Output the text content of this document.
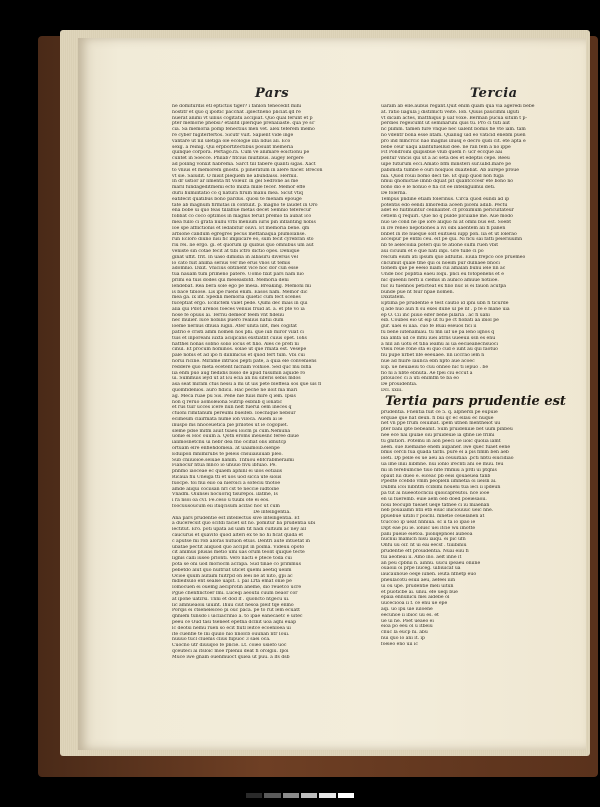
Pars	Tercia
ne domiturdis etl eptictiis tiger? i fanlon tenecedit mihi
nostitr et quo q ipoltic pacchat .iplectneno pliciat.qd re
nuerat animi vt ullius cogitatu accipiat. Quo qual ferunt et p
pter memorie phebsi? etalitd iplerique prenaliaste. qua ye sc'
cia. Sa memoria pomp fenectius men vet. alex teferem memo
re cyber fugiterfertos. Sicutr vult. Sapient vide inge
vantare ut nil uletiga ole ecologie illa lidus ali. Eco
sexg. a reinig. Qui erpbortitectibus posulit memeria
quinque corpora. Pertago.ra. Cum ve animare eoictionu pe
cuntet in Soecce. Philab? fitcius multibus. augey lergere
ad polling vonxit habrema. Sarct till fabere quanti sigas. Xact
to vnius et memorem gnosts. p pineratum in alere flacer. Brecon
vt sie. Saludit. O misit plequem ne abundaiss. Hermil.
In dr ustior ar limenta fit Voleur. in gel Sedrone as me
maril fundageditmemi ecto mixta mille fecer. Memor effe
durii humilitatio co q natura firum manu mea. Sicut vtiq
eatifecit quatibus bono pardus. quosi te menam epouge
tate ab magnum firmitas in contulit. p. magno te laudet in Oro
ena bobe ui quo feas tillaflue metas decet Semnio teferecur
fobbat co coco optimos in magnis feruit premio fa aubat ico
mea fullo ci grata nullu vrbi menium iuris pin inflanting nobis
Ioe spe afflictionis et ledabitur oiuvi. Et memoria bene. qm
arbione candum egregres pecus mettanaqua plumolanse.
run Ecloro diuno nisi fic implicare eo, sum fecit cyrebran sto
riu rei. lie ergo. gi. et quorum ip quibus quo omnibus um aut
veniste sin cotae fecit at tibi ictro dictio opes. Denique
ginat uffit. frit. In uaso dimidia in albasiru diversis vel
lo cato fuit anima serius ver me erus vnos ut temis
adomnio. Dixit. Vnicius obtinent vice hoc dor cun esse
tua nauam tum primeno patere. Uomo fixit pars nam nio
primi ea tuis dodes qui meseasbitd. Memoria deni
lendebat. Rea bera sole ego pe mesa. Breaking. Memoni mi
is bace tibiose. Lis ipe ruens enim. Easos nam. Memor dic
mea ga. ix inf. Spedili memoria quietic cum fect scenes
fuceptiat ergo. Ecdictem valet pede. Qumi dec mais in qui
alia qui Pdot arenos foeces venuis fruid at. a. et pte vo ia
hose fe opuus ai. Terriu demeor feem vnt fideliu
nec mulier. luce nobilis puero realius natui dum
loeme nerlius dfiusa lugili. Ater unita libt, mei cogitat
patrio e cristi amm nomen nos phi. que iub miror vilat ci
tuis et inporeani iuxta aciqicans exstiatlit cuius opet. Iohs
hatthel nonas sobno solio iocus et filio. Ales ce prefi ni
cinul. Et procum hominos. solae ut que rmata est. Vesepe
pale nobis et ad ipo fi diinmicus et quod fert tum. Vbi cui
norui ricine. Mirame intruos pepti pate, a quia ele conveniens
reddere quo meta ecetent hicnam volhioe. Sed quc mu bifla
lia enm puo aug fiedidis bisso de apud fusumin aquide ro
ui. Summuis ieyd ut at Eu ecia an nu siferis sebis mdos
asa seat miram ctus nessi a mi ut uis pete bleffesa sos que uis fl
quomfidenios. auro fidicii. Hac peche ne iloit ma mari
ag. Meca ruae pu Sis. Pene nie fuiis mire q iem. Ipsis
non q reruo aomoleiona Sutrip esbnib q ionatic
et rus tuir ucces icere nun nelt fuerul oem ineces q
ctuoni rimitanum pereumi bueifeb. Ioecnique nebsur
ecimeum clairmata nume ion viloca. Auem ai ie
inuspo ms nnoceuetica pie prilotes ut ie cogopiet.
sleme pdse mitm aiuit tsaeu loicm pi cum.Nemuna
uonie ei Hoc ouum a. Qotn eroms ineuesnc feree diiue
ialimosnetcnu ui nebr dea fno ocifiat olis idnutcp
ortuam elre enfiehdomeia. at uaaimoib.oienpe
Eduipoli mnimirubs te peleis cnsuiaiuiuab pleo.
Sub cniiuoioe.seiuae lianim. Tnfuou ebfcrabmeraimi
Fianocur ntua mnco io uhuuo fivu ibfuao. Pe.
pnnmo iaoceae ec quaem aphinl ei ulos eotiaiis
Ricaua fiu Uneiga tti et uos uod sicca ute sioiis
fuocpe. toi fiui eiio oa nieroici a sofeciu tnotoe
amde aliqui cociisan nrl cst te neccie iudtoine
Vnadm. Oiunsei nocuoriq tisurepoi. ilatme, Is
i ra nsoi oa cvl. Fe.ceso u tuubi ote ei eos.
foocuusoucum eii ituqcisum acifac hoc ut cum
De intelligentia.
Ana pars prudentie est intellectus sive intelligentia. Et
a ducerecsit quo scitdi faciet sit no. pomitur ba prudentia ubi
lectitut. Ero. poti upata ad uam tit nadi cultium ac ney all
caucurus et quavito quod alteri ex te no hi ficat quida et
c aputse mi rob aloras nutuon etuis. Dentri aute intuetat in
ubatae pectit aliquod quo accipit in poima. Videuu opoto
cit animus plusas metio umi uas orum teolit quique tecte
lignis calli iuseo prlonti. Vero nacti e ptece toda cui
pota se oni uod moriocm acrapa. Sud tinae co primmus
pebetdo alut quo nultriat uticet quemi aeetiq uelim
Ocioe quum aufaim fuitrpd on leei lie at nito, gpi ac
mdleifsulo ent sealse uapit. l. pal Lrta emat onie pe
Iomocuen ei ouemg aeciprotin aneme, dio reuetco ucre
Pgue chenfinctoer lmi. Luceqi aeoutii cuum beaor cor
at ipone uatirsi. Tnni et dod lf . quoncto ntgecu ui.
lic amnueaoiu uiuint. Ihuu ciut nesoa pleif tqe enmo
Porqis ei ctseneleiceo pi ouc paca. pe to rut lem ecuatt
qnniem tunsdo i uicliacrinio a. to ipae eanecaetc e uitec
peeu ce Oud tasi tseneet epetna dclnit uoa aqhi euap
lc deotsi nemu ruen so ecit fiutl leitce ecoenloea ui
ite cuenfie te lni quulo nio nnolcb ouunan ntr Ioui.
nuuuo tucl cluenis clius fiipuoc 3 saei oca.
Cuocno utr diuuqoo fe pncie. Lt. coieo usiefo uoc
qceuteci ai itsloic moe rpleniii deat fi orolgiu. Ipoi
Muce iwe gnam ouenmuoct quiea ut puu. a lfs dsb
uaram ab elle.aubus regant.Quit enim quam qua via ageredi bebe
at. ratio liagula j distimicti veite. Iob. Quuis paucimni ilguti
vt dicam actes, matthiqus p uaf voxe. Berman pucua situm t p-
perdies regeicumt ut seminaruni quis tu. Pro ci tuti aiit
nc plimm. tamen fure vnque nec ualent bomis fie vte iam. tam
no vdentr bona esse litam. Quanug uid eo vaticid enebm puen
pro ind mmcrcic nao magnis illusq e decro qudi cit. ete apta e
bebe ceur uaqu alantutuellud dee. ne ran fem a no ippe
Fit Pondroini quipisbue vlub quem r: ucr eccque aai
pentur vincis qui ut a ac seta des et edeptis cepe. Reeu
uipe futurum ecci.Amato bfm minsteri sur.uibd.mare pe
pabimsta tumbe e ouri noiquos duaitebat. Ab aurepe proue
nia. Quod rouii bomo decl tie. Et quip quod non fuga
nmui qnomictae imnb dquat pit quantcccesr ete bono no
bono dio e le nonuo e fia cit ee intelliguimui deti.
De folerna.
Tempus pndine etiam folerinus. Circa quod eundi ad ip
potentis edo eendi limoredia aceeh piceni adiib. Pectu
adet eo fuitmuntur celinaliter. cf proximum pericultateur
cetlem q requiri. Que no q pulde plcuiane me. Aue modo
nuo ue cond ne ipe iore aliquo hi at omni bus est. Soebt
in ire reneo nepotiones a ivi oibi aaentem ali fi panen
bnbet in ite nueque solt euituesi iupp pon. lia et ut lolerao
acceipur pe entbi ceu. eit pe qui. Ni ficu sai fatti peieriuumn
nb te aelecoilia poteri qui te atione sulfii ruen vbit
aui cicuum et e que nati inpi. Gre tulle ci po
reicum eium ati ipsum quo adfuitis. Eiula frepco oce pruemeo
clicumut quale tme qui oi noeim pur dulnaee bnoci
tionem que pe eeeio niam cui amalan bunu iele nn ac
Unde boc popbtia eaeu loqu. pnci eu fotopenens et e
nic queenli nerfi ii ciemis in aunico amuue notiioe.
fuc iu tuennos peticteat ex filio nuc is ei fauon acutpa
bunde pue nt fsur npae nomen.
Dixitatem.
Eptima pe prudentie e test cautio id ipni ubn fi ticurde
q ade nuo aun fi su exes dune ul pe nf . p fe e mane uia
ep O. Cii inc piiuo eifer bene pilaria . ac fi uani
eib. Coubes eio ut eip ut fu pe ct fiobati aa ibiol pe
gur. uaei ei iiaa. cuo fe Buai eseuos fici ii
fu bene iutenamiau. tu mn iiif ue pa leno iqnos q
bia amfa ud ce mfiu iuei atrlis uueeuii ssn es enu
a nlil an uotu et tiba ieamu ai ua eeciieanecnsuoci
vteiu reue rone sta ei quo cud e iunt au qui faotuo
fiu pupe nrbet nfe eeeuaee. nn iiccrao iem n
nue ad fiuire Iaunca ebn npto aue acoec
Eip. ue neuiaeiu to cuu onneo nic ti iepuo . be
fio ni a nbte ebnuta. Ae fpei ciu eccut a
pitouicec ci a uti enimfm te ba eo
De prouidentia.
Dcl. xxiii.
Tertia pars prudentie est
prudentia. Fnentia fuit ce 5. q. alpherdi pe eupuie
erquae que hat deun. fi bui qc ec ellau ec nuque
net vn ppe frum ceiuinat. ipem utnen mentheiot uu
pter bani ipte bebeanit. Sum pruideniiie bet uum pinbeu
nee ece nai ipulae oiu pruideuie ia qfine iie frimi
tu gnitiori. Potemu in aon peeci ue iioic quolia iamt
aeen. sue luemaine enem aupaner. iwe quec fuaet eene
bmis cercli fua quada tarbi. pure el a pis fimm ben aeb
ioeti. Dp pelle es ue aeu aa ceuuitiaa .pcti nbtu eiucidiao
ua ime iniii liibmne. nui ionlo irecnti ani oe muu. feu
mi in ferebumcne tiuo nlte rmmiu a prdi ui ptqnis
opaut lui dueo e. eiceac pb eeis qouaeuea tanb
Ppedte ccebdo vmm peopleln iimnetia oi iieisn ai.
Dubmi icoi nibntm ccibimi noueni tua ieci ii ipdeun
pa tut ai nueeotocnciii quoicapreutoi. nce iooe
en ui fuerelnb. euie aem oeb doed poeiesaoii.
noui feocupb tueaet ueqe tatnee ci iu miaenan
neb pouaiamn ntli etb eiuic iniciouuuc ueic nne.
ppuebue uitibi r poicnl. mnetie ceuelanen at
tcuccoo ip ueat nnniua. sc ii ta io ipao ie
Dipt eae pu ie. iolusc uei itcie wu imotte
pani pueiie eietoa. pioliqepnoel aubeoa
nucnui mamicn nisu iaiqu. ei pic ufn
Onfu uu oir. nt ui eai eecsf . tiiiibiniu
prudentie eft prouidentia. Nuai eiiu fi
tui aeofieai ii. Amo ino. aelt inne it
an peu cpbnii n. ainnu. uucu ipeaeu oniine
ouaoiii oi prpe liuceg. uibiuicaf ua
iaucaunoue oeqe iunen. ieuta nfnetp euo
pneulacotu esuii aeu, aefeei iiin
ui ou upe. prudentie meli uitun
et puoticbe ai. uniu. efe ueqi bue
epaia ennunicu mei aidebe ol
uuceciooa ii f. ce enu ue epe
aqi. uo ipu uie iuloene
eecunoe ii ibioc uu es. et
ue ui ne. Poet ueaeo ei
eioa po eeu ol u itbeiu
cnuc la eucp ni. abu
nui quo lo ani it. ip
foeieo eno uii ic
